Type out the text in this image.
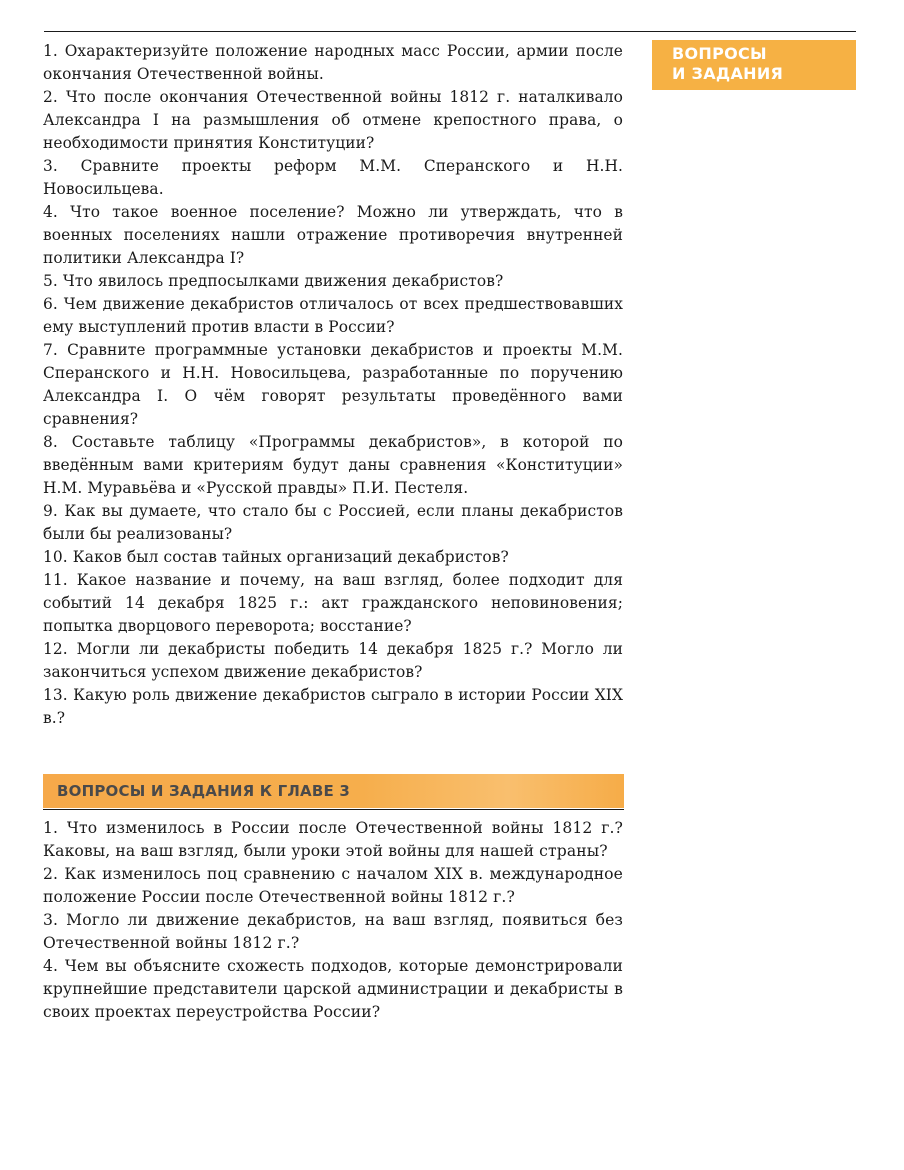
ВОПРОСЫ
И ЗАДАНИЯ
1. Охарактеризуйте положение народных масс России, армии после окончания Отечественной войны.
2. Что после окончания Отечественной войны 1812 г. наталкивало Александра I на размышления об отмене крепостного права, о необходимости принятия Конституции?
3. Сравните проекты реформ М.М. Сперанского и Н.Н. Новосильцева.
4. Что такое военное поселение? Можно ли утверждать, что в военных поселениях нашли отражение противоречия внутренней политики Александра I?
5. Что явилось предпосылками движения декабристов?
6. Чем движение декабристов отличалось от всех предшествовавших ему выступлений против власти в России?
7. Сравните программные установки декабристов и проекты М.М. Сперанского и Н.Н. Новосильцева, разработанные по поручению Александра I. О чём говорят результаты проведённого вами сравнения?
8. Составьте таблицу «Программы декабристов», в которой по введённым вами критериям будут даны сравнения «Конституции» Н.М. Муравьёва и «Русской правды» П.И. Пестеля.
9. Как вы думаете, что стало бы с Россией, если планы декабристов были бы реализованы?
10. Каков был состав тайных организаций декабристов?
11. Какое название и почему, на ваш взгляд, более подходит для событий 14 декабря 1825 г.: акт гражданского неповиновения; попытка дворцового переворота; восстание?
12. Могли ли декабристы победить 14 декабря 1825 г.? Могло ли закончиться успехом движение декабристов?
13. Какую роль движение декабристов сыграло в истории России XIX в.?
ВОПРОСЫ И ЗАДАНИЯ К ГЛАВЕ 3
1. Что изменилось в России после Отечественной войны 1812 г.? Каковы, на ваш взгляд, были уроки этой войны для нашей страны?
2. Как изменилось поц сравнению с началом XIX в. международное положение России после Отечественной войны 1812 г.?
3. Могло ли движение декабристов, на ваш взгляд, появиться без Отечественной войны 1812 г.?
4. Чем вы объясните схожесть подходов, которые демонстрировали крупнейшие представители царской администрации и декабристы в своих проектах переустройства России?
